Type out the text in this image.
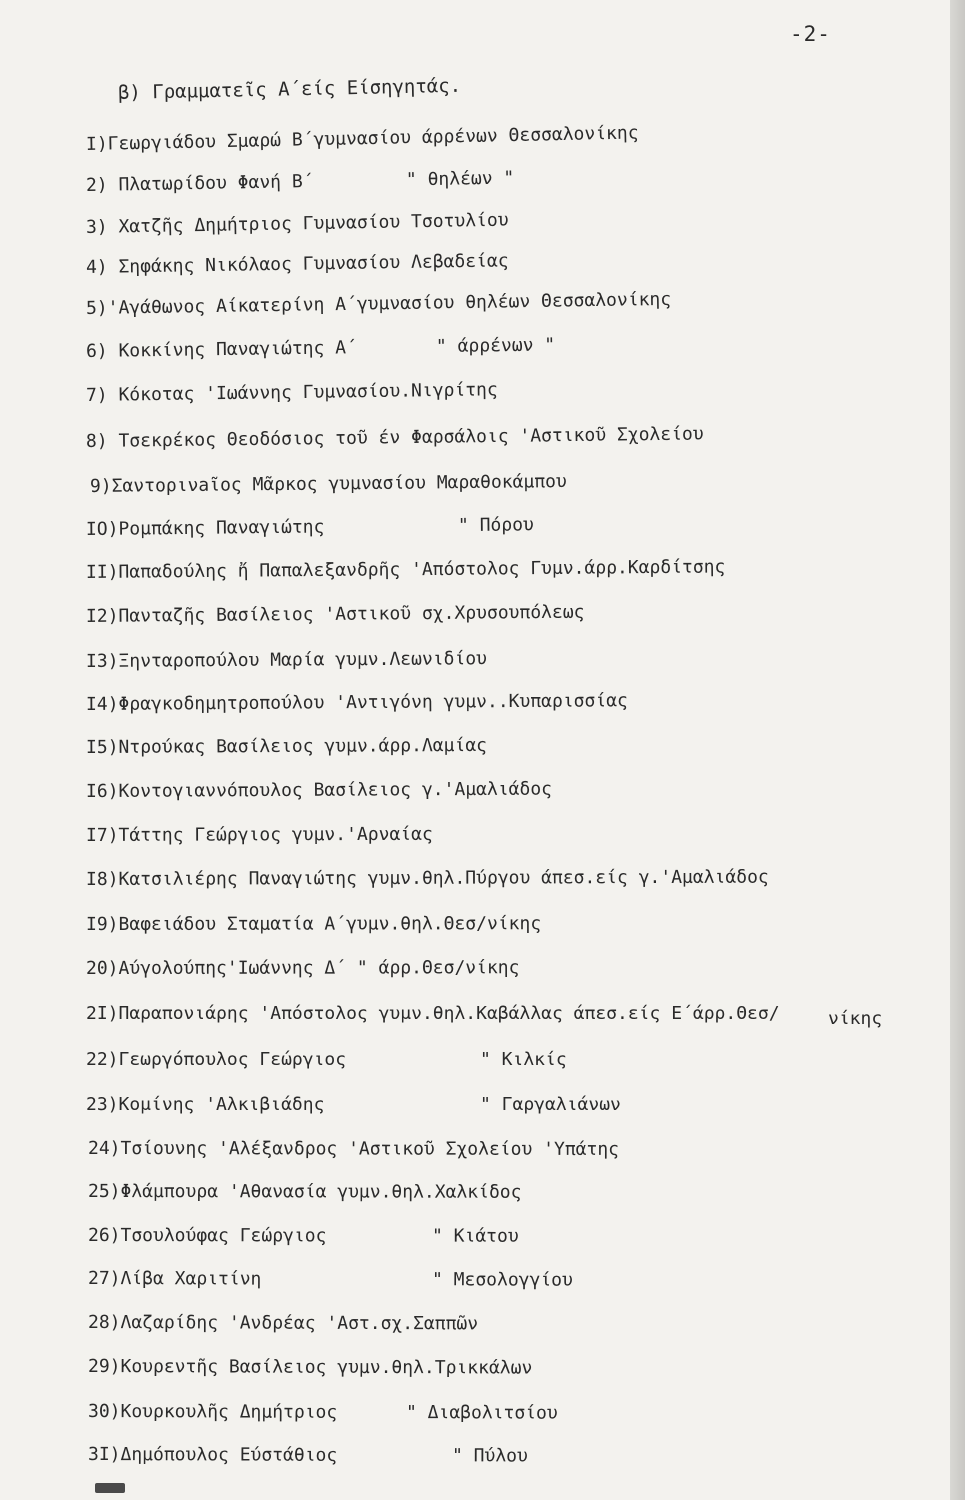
-2-
β) Γραμματεῖς Α΄είς Είσηγητάς.
Ι)Γεωργιάδου Σμαρώ Β΄γυμνασίου άρρένων Θεσσαλονίκης
2) Πλατωρίδου Φανή Β΄	" θηλέων "
3) Χατζῆς Δημήτριος Γυμνασίου Τσοτυλίου
4) Σηφάκης Νικόλαος Γυμνασίου Λεβαδείας
5)'Αγάθωνος Αίκατερίνη Α΄γυμνασίου θηλέων Θεσσαλονίκης
6) Κοκκίνης Παναγιώτης Α΄	" άρρένων "
7) Κόκοτας 'Ιωάννης Γυμνασίου.Νιγρίτης
8) Τσεκρέκος Θεοδόσιος τοῦ έν Φαρσάλοις 'Αστικοῦ Σχολείου
9)Σαντορινaῖος Μᾶρκος γυμνασίου Μαραθοκάμπου
ΙΟ)Ρομπάκης Παναγιώτης	" Πόρου
ΙΙ)Παπαδούλης ἤ Παπαλεξανδρῆς 'Απόστολος Γυμν.άρρ.Καρδίτσης
Ι2)Πανταζῆς Βασίλειος 'Αστικοῦ σχ.Χρυσουπόλεως
Ι3)Ξηνταροπούλου Μαρία γυμν.Λεωνιδίου
Ι4)Φραγκοδημητροπούλου 'Αντιγόνη γυμν..Κυπαρισσίας
Ι5)Ντρούκας Βασίλειος γυμν.άρρ.Λαμίας
Ι6)Κοντογιαννόπουλος Βασίλειος γ.'Αμαλιάδος
Ι7)Τάττης Γεώργιος γυμν.'Αρναίας
Ι8)Κατσιλιέρης Παναγιώτης γυμν.θηλ.Πύργου άπεσ.είς γ.'Αμαλιάδος
Ι9)Βαφειάδου Σταματία Α΄γυμν.θηλ.Θεσ/νίκης
20)Αύγολούπης'Ιωάννης Δ΄ " άρρ.Θεσ/νίκης
2Ι)Παραπονιάρης 'Απόστολος γυμν.θηλ.Καβάλλας άπεσ.είς Ε΄άρρ.Θεσ/
22)Γεωργόπουλος Γεώργιος	" Κιλκίς
23)Κομίνης 'Αλκιβιάδης	" Γαργαλιάνων
24)Τσίουνης 'Αλέξανδρος 'Αστικοῦ Σχολείου 'Υπάτης
25)Φλάμπουρα 'Αθανασία γυμν.θηλ.Χαλκίδος
26)Τσουλούφας Γεώργιος	" Κιάτου
27)Λίβα Χαριτίνη	" Μεσολογγίου
28)Λαζαρίδης 'Ανδρέας 'Αστ.σχ.Σαππῶν
29)Κουρεντῆς Βασίλειος γυμν.θηλ.Τρικκάλων
30)Κουρκουλῆς Δημήτριος	" Διαβολιτσίου
3Ι)Δημόπουλος Εύστάθιος	" Πύλου
νίκης
